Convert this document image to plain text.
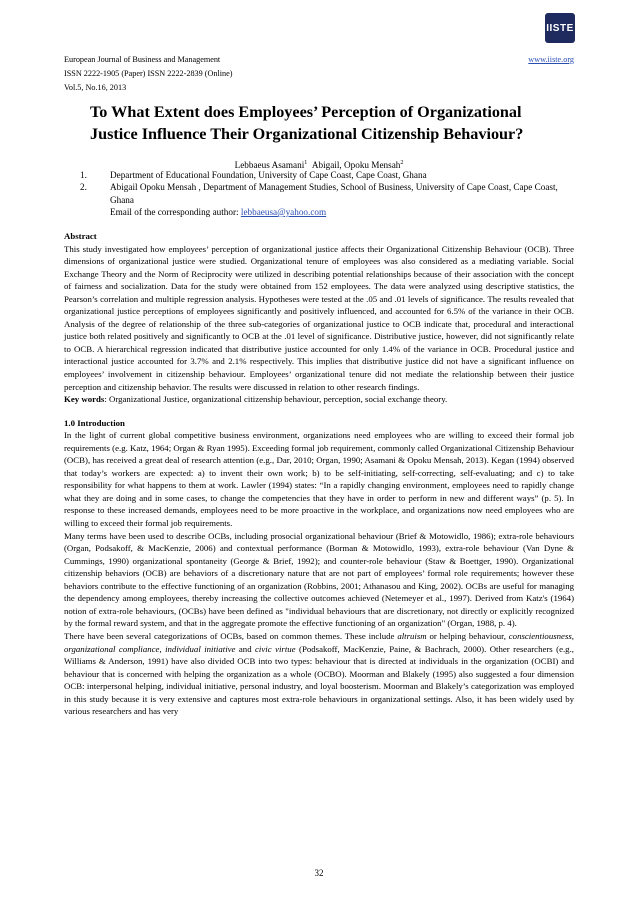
IISTE
European Journal of Business and Management	www.iiste.org
ISSN 2222-1905 (Paper) ISSN 2222-2839 (Online)
Vol.5, No.16, 2013
To What Extent does Employees’ Perception of Organizational Justice Influence Their Organizational Citizenship Behaviour?
Lebbaeus Asamani$^1$ Abigail, Opoku Mensah$^2$
1.	Department of Educational Foundation, University of Cape Coast, Cape Coast, Ghana
2.	Abigail Opoku Mensah , Department of Management Studies, School of Business, University of Cape Coast, Cape Coast, Ghana
Email of the corresponding author: lebbaeusa@yahoo.com
Abstract

This study investigated how employees’ perception of organizational justice affects their Organizational Citizenship Behaviour (OCB). Three dimensions of organizational justice were studied. Organizational tenure of employees was also considered as a mediating variable. Social Exchange Theory and the Norm of Reciprocity were utilized in describing potential relationships because of their association with the concept of fairness and socialization. Data for the study were obtained from 152 employees. The data were analyzed using descriptive statistics, the Pearson’s correlation and multiple regression analysis. Hypotheses were tested at the .05 and .01 levels of significance. The results revealed that organizational justice perceptions of employees significantly and positively influenced, and accounted for 6.5% of the variance in their OCB. Analysis of the degree of relationship of the three sub-categories of organizational justice to OCB indicate that, procedural and interactional justice both related positively and significantly to OCB at the .01 level of significance. Distributive justice, however, did not significantly relate to OCB. A hierarchical regression indicated that distributive justice accounted for only 1.4% of the variance in OCB. Procedural justice and interactional justice accounted for 3.7% and 2.1% respectively. This implies that distributive justice did not have a significant influence on employees’ involvement in citizenship behaviour. Employees’ organizational tenure did not mediate the relationship between their justice perception and citizenship behavior. The results were discussed in relation to other research findings.

Key words: Organizational Justice, organizational citizenship behaviour, perception, social exchange theory.

1.0 Introduction

In the light of current global competitive business environment, organizations need employees who are willing to exceed their formal job requirements (e.g. Katz, 1964; Organ & Ryan 1995). Exceeding formal job requirement, commonly called Organizational Citizenship Behaviour (OCB), has received a great deal of research attention (e.g., Dar, 2010; Organ, 1990; Asamani & Opoku Mensah, 2013). Kegan (1994) observed that today’s workers are expected: a) to invent their own work; b) to be self-initiating, self-correcting, self-evaluating; and c) to take responsibility for what happens to them at work. Lawler (1994) states: “In a rapidly changing environment, employees need to rapidly change what they are doing and in some cases, to change the competencies that they have in order to perform in new and different ways” (p. 5). In response to these increased demands, employees need to be more proactive in the workplace, and organizations now need employees who are willing to exceed their formal job requirements.

Many terms have been used to describe OCBs, including prosocial organizational behaviour (Brief & Motowidlo, 1986); extra-role behaviours (Organ, Podsakoff, & MacKenzie, 2006) and contextual performance (Borman & Motowidlo, 1993), extra-role behaviour (Van Dyne & Cummings, 1990) organizational spontaneity (George & Brief, 1992); and counter-role behaviour (Staw & Boettger, 1990). Organizational citizenship behaviors (OCB) are behaviors of a discretionary nature that are not part of employees’ formal role requirements; however these behaviors contribute to the effective functioning of an organization (Robbins, 2001; Athanasou and King, 2002). OCBs are useful for managing the dependency among employees, thereby increasing the collective outcomes achieved (Netemeyer et al., 1997). Derived from Katz's (1964) notion of extra-role behaviours, (OCBs) have been defined as "individual behaviours that are discretionary, not directly or explicitly recognized by the formal reward system, and that in the aggregate promote the effective functioning of an organization" (Organ, 1988, p. 4).

There have been several categorizations of OCBs, based on common themes. These include altruism or helping behaviour, conscientiousness, organizational compliance, individual initiative and civic virtue (Podsakoff, MacKenzie, Paine, & Bachrach, 2000). Other researchers (e.g., Williams & Anderson, 1991) have also divided OCB into two types: behaviour that is directed at individuals in the organization (OCBI) and behaviour that is concerned with helping the organization as a whole (OCBO). Moorman and Blakely (1995) also suggested a four dimension OCB: interpersonal helping, individual initiative, personal industry, and loyal boosterism. Moorman and Blakely’s categorization was employed in this study because it is very extensive and captures most extra-role behaviours in organizational settings. Also, it has been widely used by various researchers and has very

32
